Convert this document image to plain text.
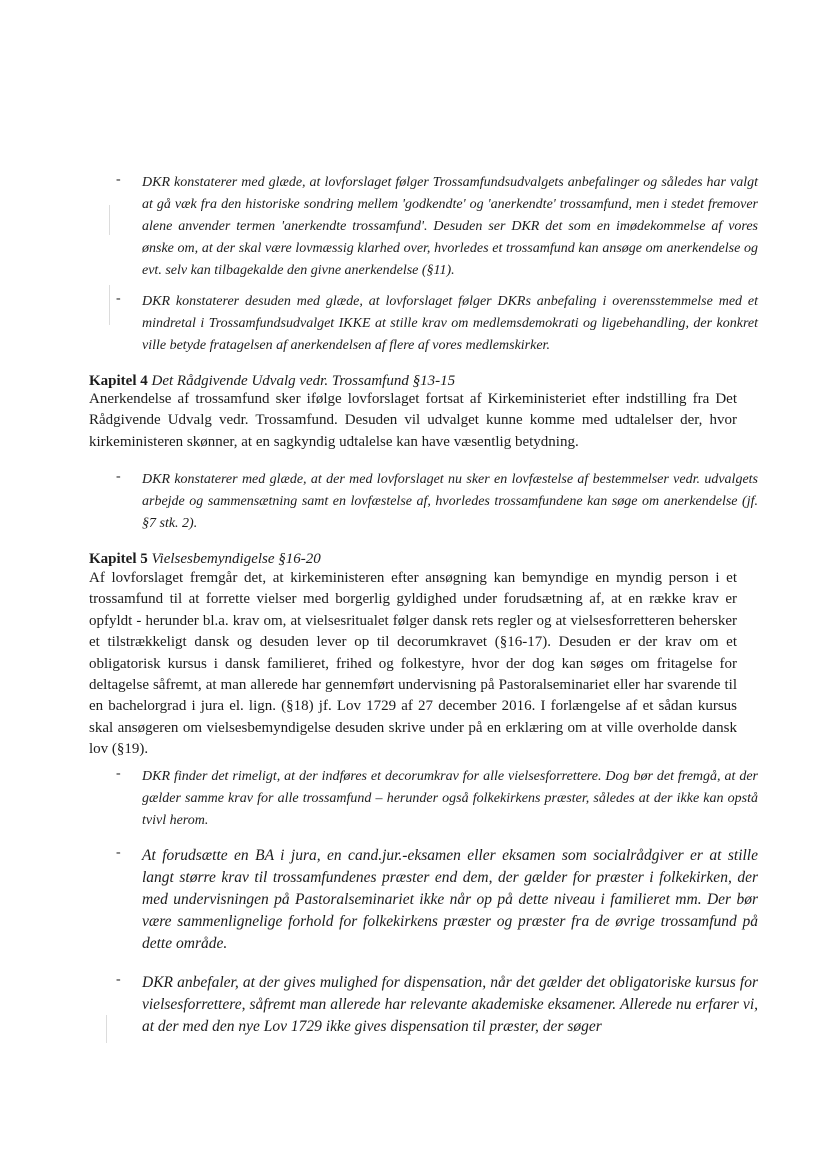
- DKR konstaterer med glæde, at lovforslaget følger Trossamfundsudvalgets anbefalinger og således har valgt at gå væk fra den historiske sondring mellem 'godkendte' og 'anerkendte' trossamfund, men i stedet fremover alene anvender termen 'anerkendte trossamfund'. Desuden ser DKR det som en imødekommelse af vores ønske om, at der skal være lovmæssig klarhed over, hvorledes et trossamfund kan ansøge om anerkendelse og evt. selv kan tilbagekalde den givne anerkendelse (§11).
- DKR konstaterer desuden med glæde, at lovforslaget følger DKRs anbefaling i overensstemmelse med et mindretal i Trossamfundsudvalget IKKE at stille krav om medlemsdemokrati og ligebehandling, der konkret ville betyde fratagelsen af anerkendelsen af flere af vores medlemskirker.
Kapitel 4 Det Rådgivende Udvalg vedr. Trossamfund §13-15
Anerkendelse af trossamfund sker ifølge lovforslaget fortsat af Kirkeministeriet efter indstilling fra Det Rådgivende Udvalg vedr. Trossamfund. Desuden vil udvalget kunne komme med udtalelser der, hvor kirkeministeren skønner, at en sagkyndig udtalelse kan have væsentlig betydning.
- DKR konstaterer med glæde, at der med lovforslaget nu sker en lovfæstelse af bestemmelser vedr. udvalgets arbejde og sammensætning samt en lovfæstelse af, hvorledes trossamfundene kan søge om anerkendelse (jf. §7 stk. 2).
Kapitel 5 Vielsesbemyndigelse §16-20
Af lovforslaget fremgår det, at kirkeministeren efter ansøgning kan bemyndige en myndig person i et trossamfund til at forrette vielser med borgerlig gyldighed under forudsætning af, at en række krav er opfyldt - herunder bl.a. krav om, at vielsesritualet følger dansk rets regler og at vielsesforretteren behersker et tilstrækkeligt dansk og desuden lever op til decorumkravet (§16-17). Desuden er der krav om et obligatorisk kursus i dansk familieret, frihed og folkestyre, hvor der dog kan søges om fritagelse for deltagelse såfremt, at man allerede har gennemført undervisning på Pastoralseminariet eller har svarende til en bachelorgrad i jura el. lign. (§18) jf. Lov 1729 af 27 december 2016. I forlængelse af et sådan kursus skal ansøgeren om vielsesbemyndigelse desuden skrive under på en erklæring om at ville overholde dansk lov (§19).
- DKR finder det rimeligt, at der indføres et decorumkrav for alle vielsesforrettere. Dog bør det fremgå, at der gælder samme krav for alle trossamfund – herunder også folkekirkens præster, således at der ikke kan opstå tvivl herom.
- At forudsætte en BA i jura, en cand.jur.-eksamen eller eksamen som socialrådgiver er at stille langt større krav til trossamfundenes præster end dem, der gælder for præster i folkekirken, der med undervisningen på Pastoralseminariet ikke når op på dette niveau i familieret mm. Der bør være sammenlignelige forhold for folkekirkens præster og præster fra de øvrige trossamfund på dette område.
- DKR anbefaler, at der gives mulighed for dispensation, når det gælder det obligatoriske kursus for vielsesforrettere, såfremt man allerede har relevante akademiske eksamener. Allerede nu erfarer vi, at der med den nye Lov 1729 ikke gives dispensation til præster, der søger
